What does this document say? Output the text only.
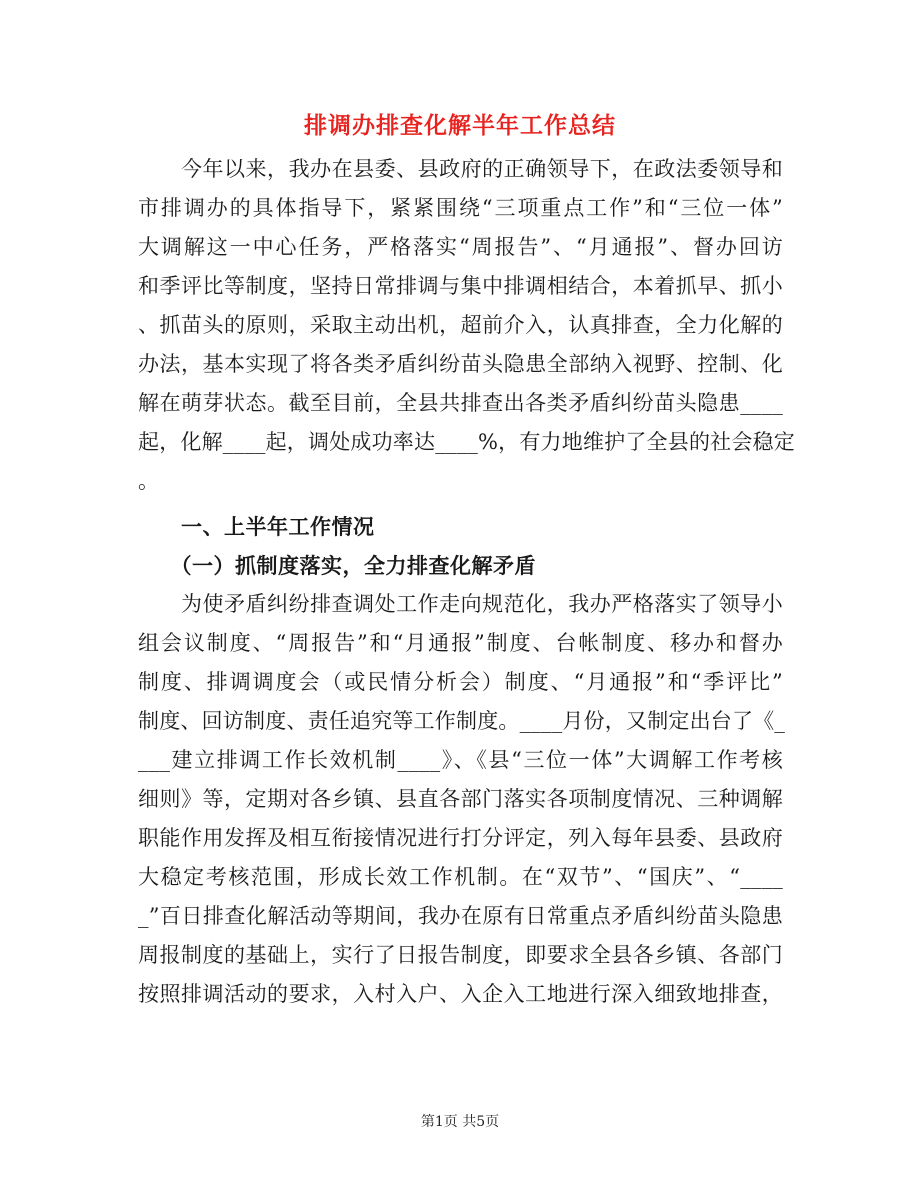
排调办排查化解半年工作总结
　　今年以来，我办在县委、县政府的正确领导下，在政法委领导和
市排调办的具体指导下，紧紧围绕“三项重点工作”和“三位一体”
大调解这一中心任务，严格落实“周报告”、“月通报”、督办回访
和季评比等制度，坚持日常排调与集中排调相结合，本着抓早、抓小
、抓苗头的原则，采取主动出机，超前介入，认真排查，全力化解的
办法，基本实现了将各类矛盾纠纷苗头隐患全部纳入视野、控制、化
解在萌芽状态。截至目前，全县共排查出各类矛盾纠纷苗头隐患____
起，化解____起，调处成功率达____%，有力地维护了全县的社会稳定
。
　　一、上半年工作情况
　　（一）抓制度落实，全力排查化解矛盾
　　为使矛盾纠纷排查调处工作走向规范化，我办严格落实了领导小
组会议制度、“周报告”和“月通报”制度、台帐制度、移办和督办
制度、排调调度会（或民情分析会）制度、“月通报”和“季评比”
制度、回访制度、责任追究等工作制度。____月份，又制定出台了《_
___建立排调工作长效机制____》、《县“三位一体”大调解工作考核
细则》等，定期对各乡镇、县直各部门落实各项制度情况、三种调解
职能作用发挥及相互衔接情况进行打分评定，列入每年县委、县政府
大稳定考核范围，形成长效工作机制。在“双节”、“国庆”、“____
_”百日排查化解活动等期间，我办在原有日常重点矛盾纠纷苗头隐患
周报制度的基础上，实行了日报告制度，即要求全县各乡镇、各部门
按照排调活动的要求，入村入户、入企入工地进行深入细致地排查，
第1页 共5页
